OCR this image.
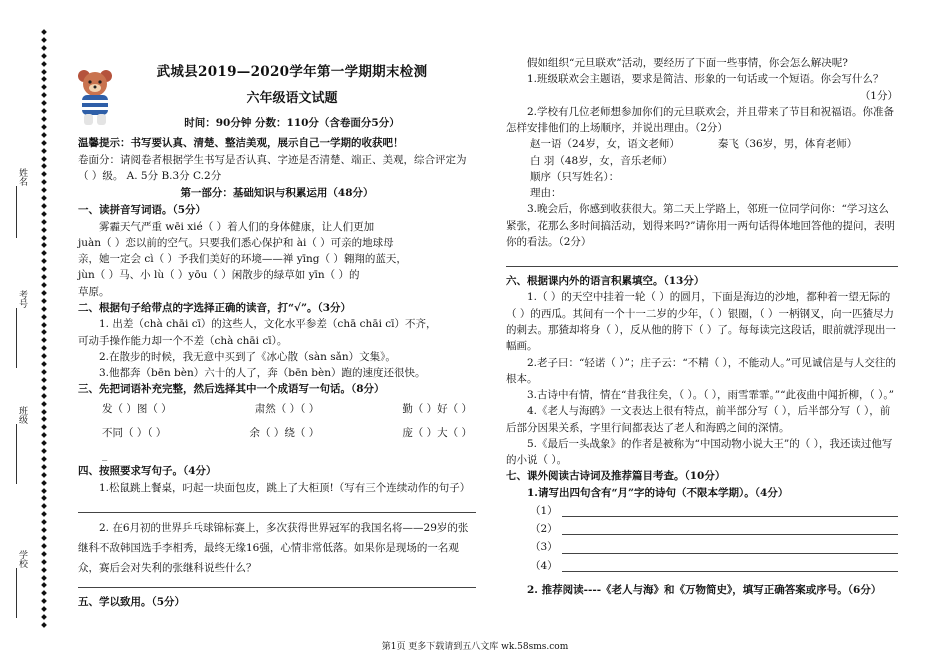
姓名
考号
班级
学校
◆
◆
◆
◆
◆
◆
◆
◆
◆
◆
◆
◆
◆
◆
◆
◆
◆
◆
◆
◆
◆
◆
◆
◆
◆
◆
◆
◆
◆
◆
◆
◆
◆
◆
◆
◆
◆
◆
◆
◆
◆
◆
◆
◆
◆
◆
◆
◆
◆
◆
◆
◆
◆
◆
◆
◆
◆
◆
◆
◆
◆
◆
◆
◆
◆
◆
◆
◆
◆
◆
◆
◆
◆
◆
◆
◆
武城县2019—2020学年第一学期期末检测
六年级语文试题
时间：90分钟 分数：110分（含卷面分5分）

温馨提示：书写要认真、清楚、整洁美观，展示自己一学期的收获吧！

卷面分：请阅卷者根据学生书写是否认真、字迹是否清楚、端正、美观，综合评定为（ ）级。 A. 5分 B.3分 C.2分

第一部分：基础知识与积累运用（48分）

一、读拼音写词语。（5分）

雾霾天气严重 wēi xié（ ）着人们的身体健康，让人们更加

juàn（ ）恋以前的空气。只要我们悉心保护和 ài（ ）可亲的地球母

亲，她一定会 cì（ ）予我们美好的环境——禅 yīng（ ）翱翔的蓝天，

jùn（ ）马、小 lù（ ）yōu（ ）闲散步的绿草如 yīn（ ）的

草原。

二、根据句子给带点的字选择正确的读音，打“√”。（3分）

1. 出差（chà chāi cī）的这些人，文化水平参差（chā chāi cī）不齐，

可动手操作能力却一个不差（chà chāi cī）。

2.在散步的时候，我无意中买到了《冰心散（sàn sǎn）文集》。

3.他都奔（bēn bèn）六十的人了，奔（bēn bèn）跑的速度还很快。

三、先把词语补充完整，然后选择其中一个成语写一句话。（8分）

发（ ）图（ ）	肃然（ ）（ ）	勤（ ）好（ ）
不同（ ）（ ）	余（ ）绕（ ）	庞（ ）大（ ）

_

四、按照要求写句子。（4分）

1.松鼠跳上餐桌，叼起一块面包皮，跳上了大柜顶!（写有三个连续动作的句子）

2. 在6月初的世界乒乓球锦标赛上，多次获得世界冠军的我国名将——29岁的张继科不敌韩国选手李相秀，最终无缘16强，心情非常低落。如果你是现场的一名观众，赛后会对失利的张继科说些什么？

五、学以致用。（5分）

假如组织“元旦联欢”活动，要经历了下面一些事情，你会怎么解决呢?

1.班级联欢会主题语，要求是简洁、形象的一句话或一个短语。你会写什么？

（1分）

2.学校有几位老师想参加你们的元旦联欢会，并且带来了节目和祝福语。你准备怎样安排他们的上场顺序，并说出理由。（2分）

赵一语（24岁，女，语文老师）	秦飞（36岁，男，体育老师）

白 羽（48岁，女，音乐老师）

顺序（只写姓名）：

理由：

3.晚会后，你感到收获很大。第二天上学路上，邻班一位同学问你：“学习这么紧张，花那么多时间搞活动，划得来吗?”请你用一两句话得体地回答他的提问，表明你的看法。（2分）

六、根据课内外的语言积累填空。（13分）

1.（ ）的天空中挂着一轮（ ）的圆月，下面是海边的沙地，都种着一望无际的（ ）的西瓜。其间有一个十一二岁的少年，（ ）银圈，（ ）一柄钢叉，向一匹猹尽力的刺去。那猹却将身（ ），反从他的胯下（ ）了。每每读完这段话，眼前就浮现出一幅画。

2.老子曰：“轻诺（ ）”；庄子云：“不精（ ），不能动人。”可见诚信是与人交往的根本。

3.古诗中有情，情在“昔我往矣，（ ）。（ ），雨雪霏霏。”“此夜曲中闻折柳，（ ）。”

4.《老人与海鸥》一文表达上很有特点，前半部分写（ ），后半部分写（ ），前后部分因果关系，字里行间都表达了老人和海鸥之间的深情。

5.《最后一头战象》的作者是被称为“中国动物小说大王”的（ ），我还读过他写的小说（ ）。

七、课外阅读古诗词及推荐篇目考查。（10分）

1.请写出四句含有“月”字的诗句（不限本学期）。（4分）

（1）
（2）
（3）
（4）

2. 推荐阅读----《老人与海》和《万物简史》，填写正确答案或序号。（6分）

第1页 更多下载请到五八文库 wk.58sms.com
